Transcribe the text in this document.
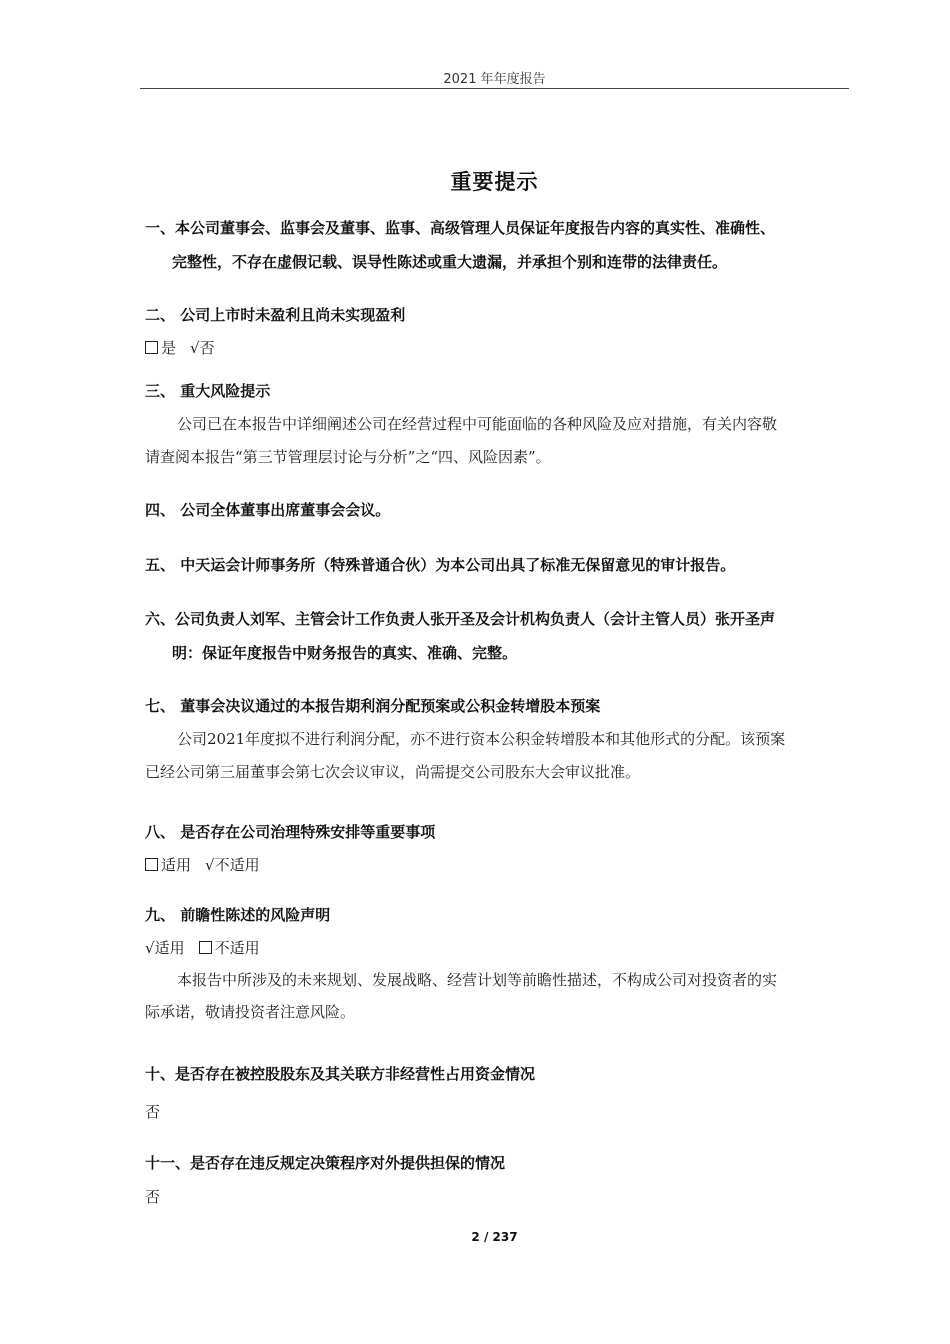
2021 年年度报告
重要提示
一、本公司董事会、监事会及董事、监事、高级管理人员保证年度报告内容的真实性、准确性、
完整性，不存在虚假记载、误导性陈述或重大遗漏，并承担个别和连带的法律责任。
二、 公司上市时未盈利且尚未实现盈利
是 √否
三、 重大风险提示
公司已在本报告中详细阐述公司在经营过程中可能面临的各种风险及应对措施，有关内容敬
请查阅本报告“第三节管理层讨论与分析”之“四、风险因素”。
四、 公司全体董事出席董事会会议。
五、 中天运会计师事务所（特殊普通合伙）为本公司出具了标准无保留意见的审计报告。
六、公司负责人刘军、主管会计工作负责人张开圣及会计机构负责人（会计主管人员）张开圣声
明：保证年度报告中财务报告的真实、准确、完整。
七、 董事会决议通过的本报告期利润分配预案或公积金转增股本预案
公司2021年度拟不进行利润分配，亦不进行资本公积金转增股本和其他形式的分配。该预案
已经公司第三届董事会第七次会议审议，尚需提交公司股东大会审议批准。
八、 是否存在公司治理特殊安排等重要事项
适用 √不适用
九、 前瞻性陈述的风险声明
√适用 不适用
本报告中所涉及的未来规划、发展战略、经营计划等前瞻性描述，不构成公司对投资者的实
际承诺，敬请投资者注意风险。
十、是否存在被控股股东及其关联方非经营性占用资金情况
否
十一、是否存在违反规定决策程序对外提供担保的情况
否
2 / 237
